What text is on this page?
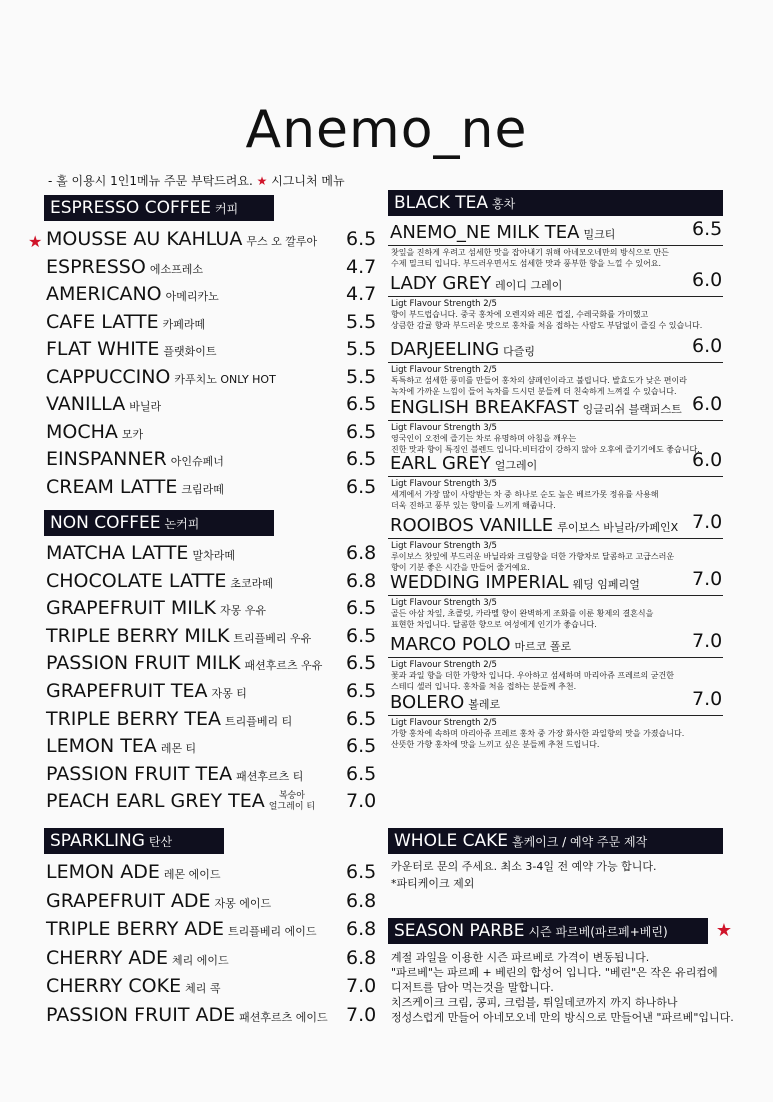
Anemo_ne
- 홀 이용시 1인1메뉴 주문 부탁드려요. ★ 시그니처 메뉴
ESPRESSO COFFEE 커피
★ MOUSSE AU KAHLUA 무스 오 깔루아 6.5
ESPRESSO 에소프레소	4.7
AMERICANO 아메리카노	4.7
CAFE LATTE 카페라떼	5.5
FLAT WHITE 플랫화이트	5.5
CAPPUCCINO 카푸치노 ONLY HOT	5.5
VANILLA 바닐라	6.5
MOCHA 모카	6.5
EINSPANNER 아인슈페너	6.5
CREAM LATTE 크림라떼	6.5
NON COFFEE 논커피
MATCHA LATTE 말차라떼	6.8
CHOCOLATE LATTE 초코라떼	6.8
GRAPEFRUIT MILK 자몽 우유	6.5
TRIPLE BERRY MILK 트리플베리 우유 6.5
PASSION FRUIT MILK 패션후르츠 우유 6.5
GRAPEFRUIT TEA 자몽 티	6.5
TRIPLE BERRY TEA 트리플베리 티	6.5
LEMON TEA 레몬 티	6.5
PASSION FRUIT TEA 패션후르츠 티 6.5
PEACH EARL GREY TEA 복숭아
얼그레이 티 7.0
SPARKLING 탄산
LEMON ADE 레몬 에이드	6.5
GRAPEFRUIT ADE 자몽 에이드	6.8
TRIPLE BERRY ADE 트리플베리 에이드 6.8
CHERRY ADE 체리 에이드	6.8
CHERRY COKE 체리 콕	7.0
PASSION FRUIT ADE 패션후르츠 에이드 7.0
BLACK TEA 홍차
ANEMO_NE MILK TEA 밀크티	6.5
찻잎을 진하게 우려고 섬세한 맛을 잡아내기 위해 아네모오네만의 방식으로 만든
수제 밀크티 입니다. 부드러우면서도 섬세한 맛과 풍부한 향을 느낄 수 있어요.
LADY GREY 레이디 그레이	6.0
Ligt Flavour Strength 2/5
향이 부드럽습니다. 중국 홍차에 오렌지와 레몬 껍질, 수레국화를 가미했고
상큼한 감귤 향과 부드러운 맛으로 홍차를 처음 접하는 사람도 부담없이 즐길 수 있습니다.
DARJEELING 다즐링	6.0
Ligt Flavour Strength 2/5
독특하고 섬세한 풍미를 만들어 홍차의 샴페인이라고 불립니다. 발효도가 낮은 편이라
녹차에 가까운 느낌이 들어 녹차를 드시던 분들께 더 친숙하게 느껴질 수 있습니다.
ENGLISH BREAKFAST 잉글리쉬 블랙퍼스트 6.0
Ligt Flavour Strength 3/5
영국인이 오전에 즐기는 차로 유명하며 아침을 깨우는
진한 맛과 향이 특징인 블렌드 입니다.비터감이 강하지 않아 오후에 즐기기에도 좋습니다.
EARL GREY 얼그레이	6.0
Ligt Flavour Strength 3/5
세계에서 가장 많이 사랑받는 차 중 하나로 순도 높은 베르가못 정유를 사용해
더욱 진하고 풍부 있는 향미를 느끼게 해줍니다.
ROOIBOS VANILLE 루이보스 바닐라/카페인X 7.0
Ligt Flavour Strength 3/5
루이보스 찻잎에 부드러운 바닐라와 크림향을 더한 가향차로 달콤하고 고급스러운
향이 기분 좋은 시간을 만들어 줄거예요.
WEDDING IMPERIAL 웨딩 임페리얼	7.0
Ligt Flavour Strength 3/5
골든 아삼 차잎, 초콜릿, 카라멜 향이 완벽하게 조화를 이룬 황제의 결혼식을
표현한 차입니다. 달콤한 향으로 여성에게 인기가 좋습니다.
MARCO POLO 마르코 폴로	7.0
Ligt Flavour Strength 2/5
꽃과 과일 향을 더한 가향차 입니다. 우아하고 섬세하며 마리아쥬 프레르의 굳건한
스테디 셀러 입니다. 홍차를 처음 접하는 분들께 추천.
BOLERO 볼레로	7.0
Ligt Flavour Strength 2/5
가향 홍차에 속하며 마리아쥬 프레르 홍차 중 가장 화사한 과일향의 맛을 가졌습니다.
산뜻한 가향 홍차에 맛을 느끼고 싶은 분들께 추천 드립니다.
WHOLE CAKE 홀케이크 / 예약 주문 제작
카운터로 문의 주세요. 최소 3-4일 전 예약 가능 합니다.
*파티케이크 제외
SEASON PARBE 시즌 파르베(파르페+베린)	★
계절 과일을 이용한 시즌 파르베로 가격이 변동됩니다.
"파르베"는 파르페 + 베린의 합성어 입니다. "베린"은 작은 유리컵에
디저트를 담아 먹는것을 말합니다.
치즈케이크 크림, 콩피, 크럼블, 튀일데코까지 까지 하나하나
정성스럽게 만들어 아네모오네 만의 방식으로 만들어낸 "파르베"입니다.
